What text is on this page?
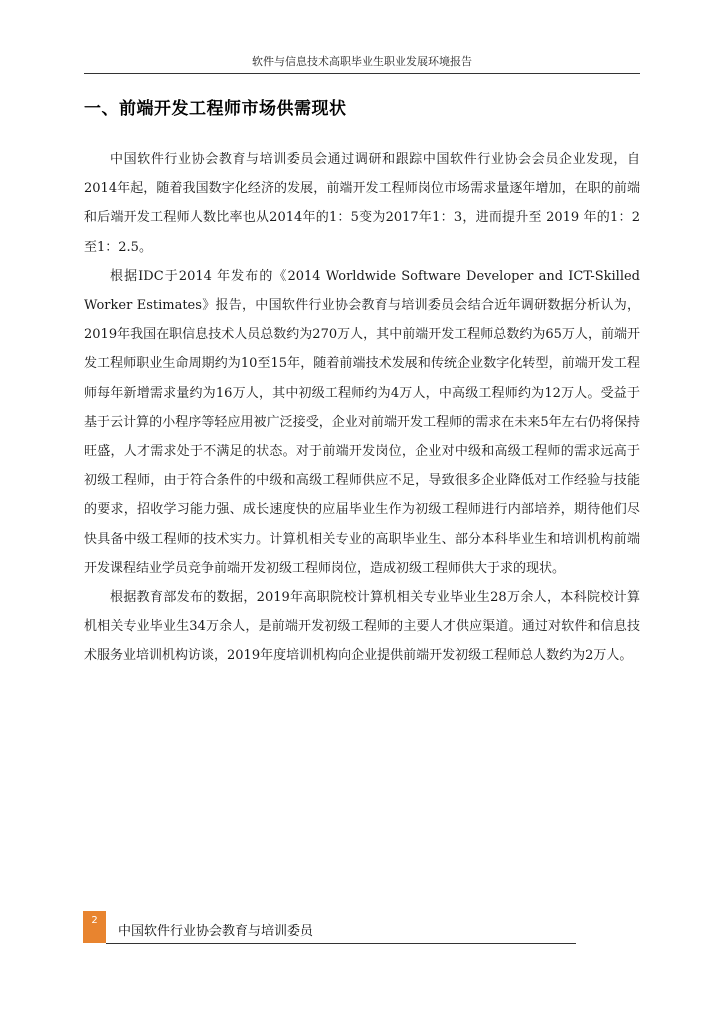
软件与信息技术高职毕业生职业发展环境报告
一、前端开发工程师市场供需现状

中国软件行业协会教育与培训委员会通过调研和跟踪中国软件行业协会会员企业发现，自2014年起，随着我国数字化经济的发展，前端开发工程师岗位市场需求量逐年增加，在职的前端和后端开发工程师人数比率也从2014年的1：5变为2017年1：3，进而提升至 2019 年的1：2至1：2.5。

根据IDC于2014 年发布的《2014 Worldwide Software Developer and ICT-Skilled Worker Estimates》报告，中国软件行业协会教育与培训委员会结合近年调研数据分析认为，2019年我国在职信息技术人员总数约为270万人，其中前端开发工程师总数约为65万人，前端开发工程师职业生命周期约为10至15年，随着前端技术发展和传统企业数字化转型，前端开发工程师每年新增需求量约为16万人，其中初级工程师约为4万人，中高级工程师约为12万人。受益于基于云计算的小程序等轻应用被广泛接受，企业对前端开发工程师的需求在未来5年左右仍将保持旺盛，人才需求处于不满足的状态。对于前端开发岗位，企业对中级和高级工程师的需求远高于初级工程师，由于符合条件的中级和高级工程师供应不足，导致很多企业降低对工作经验与技能的要求，招收学习能力强、成长速度快的应届毕业生作为初级工程师进行内部培养，期待他们尽快具备中级工程师的技术实力。计算机相关专业的高职毕业生、部分本科毕业生和培训机构前端开发课程结业学员竞争前端开发初级工程师岗位，造成初级工程师供大于求的现状。

根据教育部发布的数据，2019年高职院校计算机相关专业毕业生28万余人，本科院校计算机相关专业毕业生34万余人，是前端开发初级工程师的主要人才供应渠道。通过对软件和信息技术服务业培训机构访谈，2019年度培训机构向企业提供前端开发初级工程师总人数约为2万人。

2
中国软件行业协会教育与培训委员
